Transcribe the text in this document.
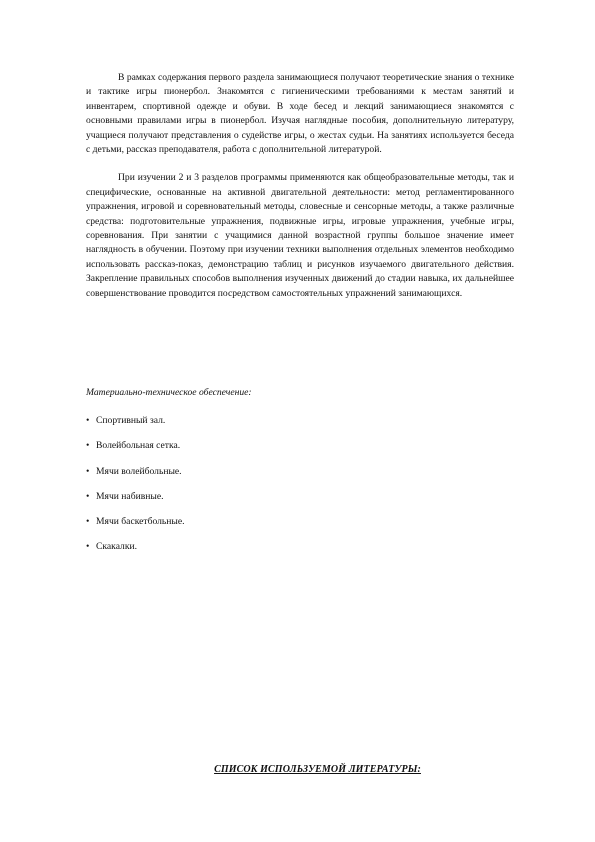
В рамках содержания первого раздела занимающиеся получают теоретические знания о технике и тактике игры пионербол. Знакомятся с гигиеническими требованиями к местам занятий и инвентарем, спортивной одежде и обуви. В ходе бесед и лекций занимающиеся знакомятся с основными правилами игры в пионербол. Изучая наглядные пособия, дополнительную литературу, учащиеся получают представления о судействе игры, о жестах судьи. На занятиях используется беседа с детьми, рассказ преподавателя, работа с дополнительной литературой.

При изучении 2 и 3 разделов программы применяются как общеобразовательные методы, так и специфические, основанные на активной двигательной деятельности: метод регламентированного упражнения, игровой и соревновательный методы, словесные и сенсорные методы, а также различные средства: подготовительные упражнения, подвижные игры, игровые упражнения, учебные игры, соревнования. При занятии с учащимися данной возрастной группы большое значение имеет наглядность в обучении. Поэтому при изучении техники выполнения отдельных элементов необходимо использовать рассказ-показ, демонстрацию таблиц и рисунков изучаемого двигательного действия. Закрепление правильных способов выполнения изученных движений до стадии навыка, их дальнейшее совершенствование проводится посредством самостоятельных упражнений занимающихся.

Материально-техническое обеспечение:

• Спортивный зал.
• Волейбольная сетка.
• Мячи волейбольные.
• Мячи набивные.
• Мячи баскетбольные.
• Скакалки.

СПИСОК ИСПОЛЬЗУЕМОЙ ЛИТЕРАТУРЫ:
